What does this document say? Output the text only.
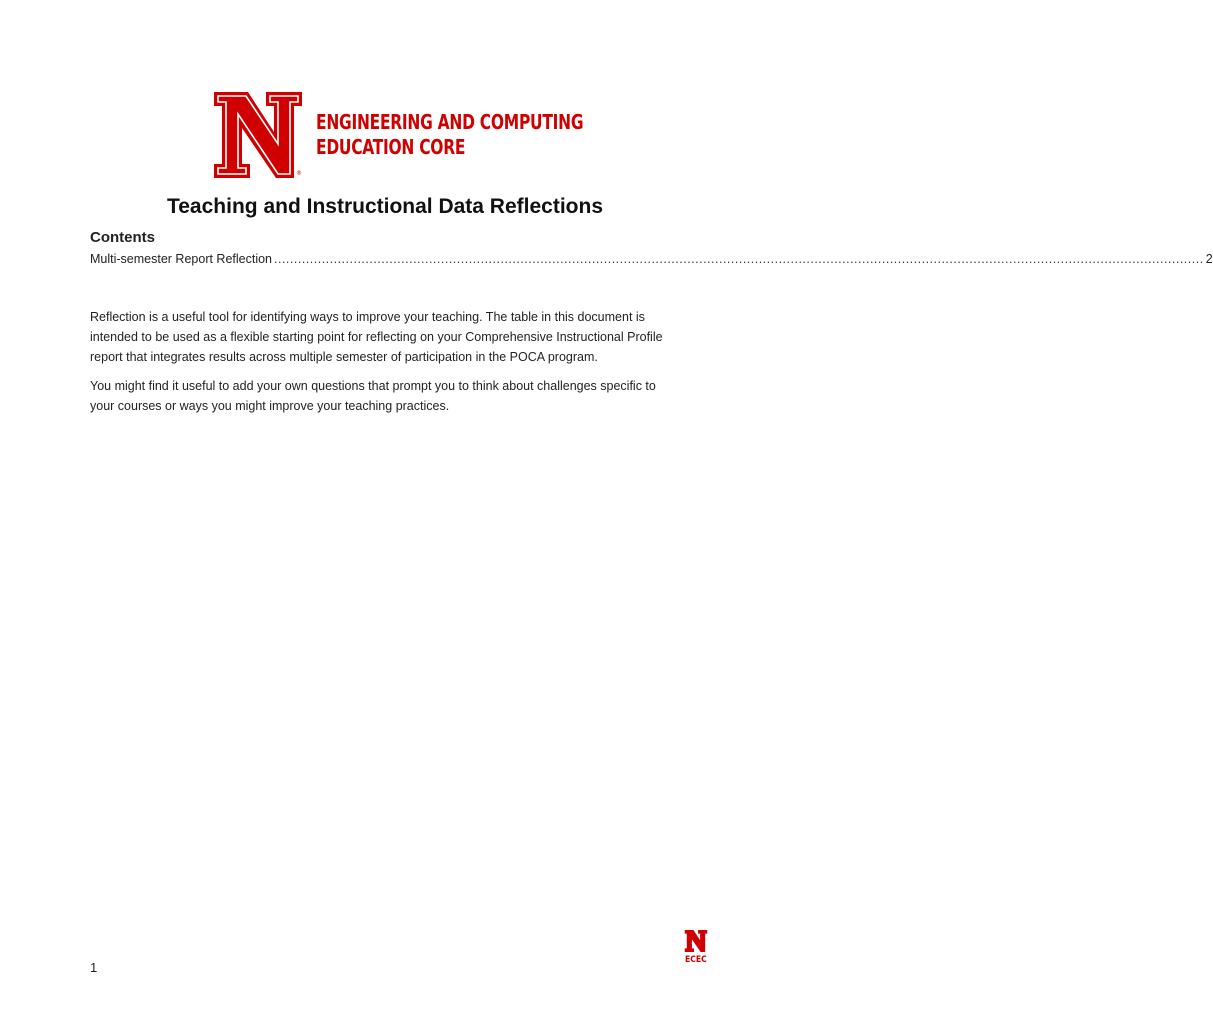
®
ENGINEERING AND COMPUTING
EDUCATION CORE
Teaching and Instructional Data Reflections
Contents
Multi-semester Report Reflection .......................................................................................................................................................................................................................................... 2

Reflection is a useful tool for identifying ways to improve your teaching. The table in this document is intended to be used as a flexible starting point for reflecting on your Comprehensive Instructional Profile report that integrates results across multiple semester of participation in the POCA program.

You might find it useful to add your own questions that prompt you to think about challenges specific to your courses or ways you might improve your teaching practices.

1	ECEC
